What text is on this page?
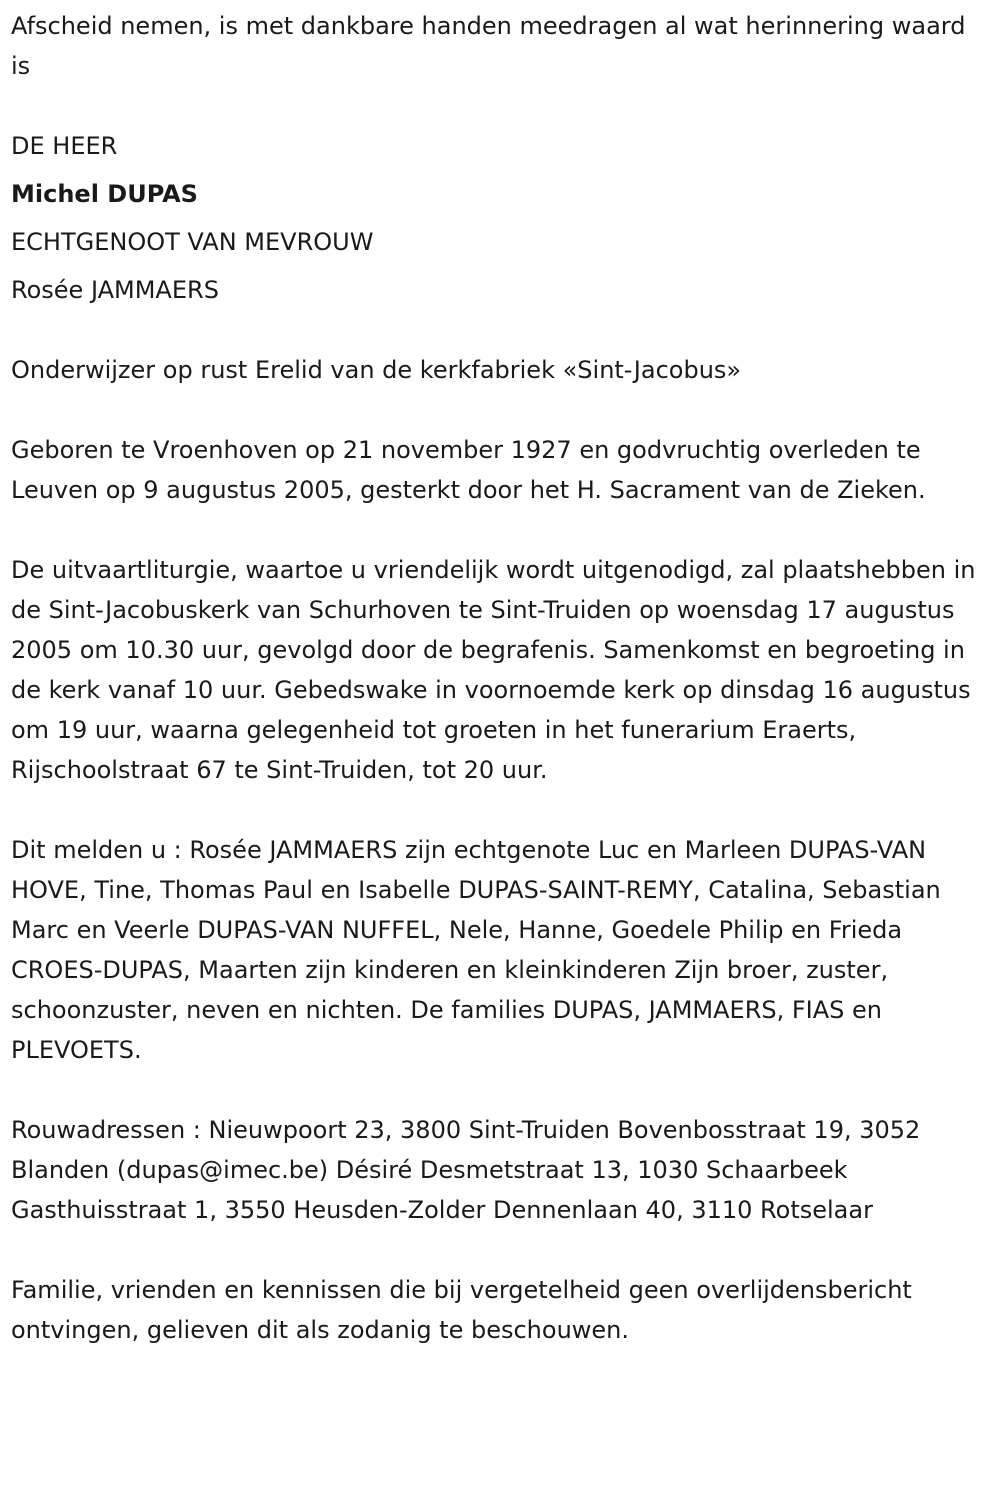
Afscheid nemen, is met dankbare handen meedragen al wat herinnering waard is

DE HEER
Michel DUPAS
ECHTGENOOT VAN MEVROUW
Rosée JAMMAERS

Onderwijzer op rust Erelid van de kerkfabriek «Sint-Jacobus»

Geboren te Vroenhoven op 21 november 1927 en godvruchtig overleden te Leuven op 9 augustus 2005, gesterkt door het H. Sacrament van de Zieken.

De uitvaartliturgie, waartoe u vriendelijk wordt uitgenodigd, zal plaatshebben in de Sint-Jacobuskerk van Schurhoven te Sint-Truiden op woensdag 17 augustus 2005 om 10.30 uur, gevolgd door de begrafenis. Samenkomst en begroeting in de kerk vanaf 10 uur. Gebedswake in voornoemde kerk op dinsdag 16 augustus om 19 uur, waarna gelegenheid tot groeten in het funerarium Eraerts, Rijschoolstraat 67 te Sint-Truiden, tot 20 uur.

Dit melden u : Rosée JAMMAERS zijn echtgenote Luc en Marleen DUPAS-VAN HOVE, Tine, Thomas Paul en Isabelle DUPAS-SAINT-REMY, Catalina, Sebastian Marc en Veerle DUPAS-VAN NUFFEL, Nele, Hanne, Goedele Philip en Frieda CROES-DUPAS, Maarten zijn kinderen en kleinkinderen Zijn broer, zuster, schoonzuster, neven en nichten. De families DUPAS, JAMMAERS, FIAS en PLEVOETS.

Rouwadressen : Nieuwpoort 23, 3800 Sint-Truiden Bovenbosstraat 19, 3052 Blanden (dupas@imec.be) Désiré Desmetstraat 13, 1030 Schaarbeek Gasthuisstraat 1, 3550 Heusden-Zolder Dennenlaan 40, 3110 Rotselaar

Familie, vrienden en kennissen die bij vergetelheid geen overlijdensbericht ontvingen, gelieven dit als zodanig te beschouwen.
